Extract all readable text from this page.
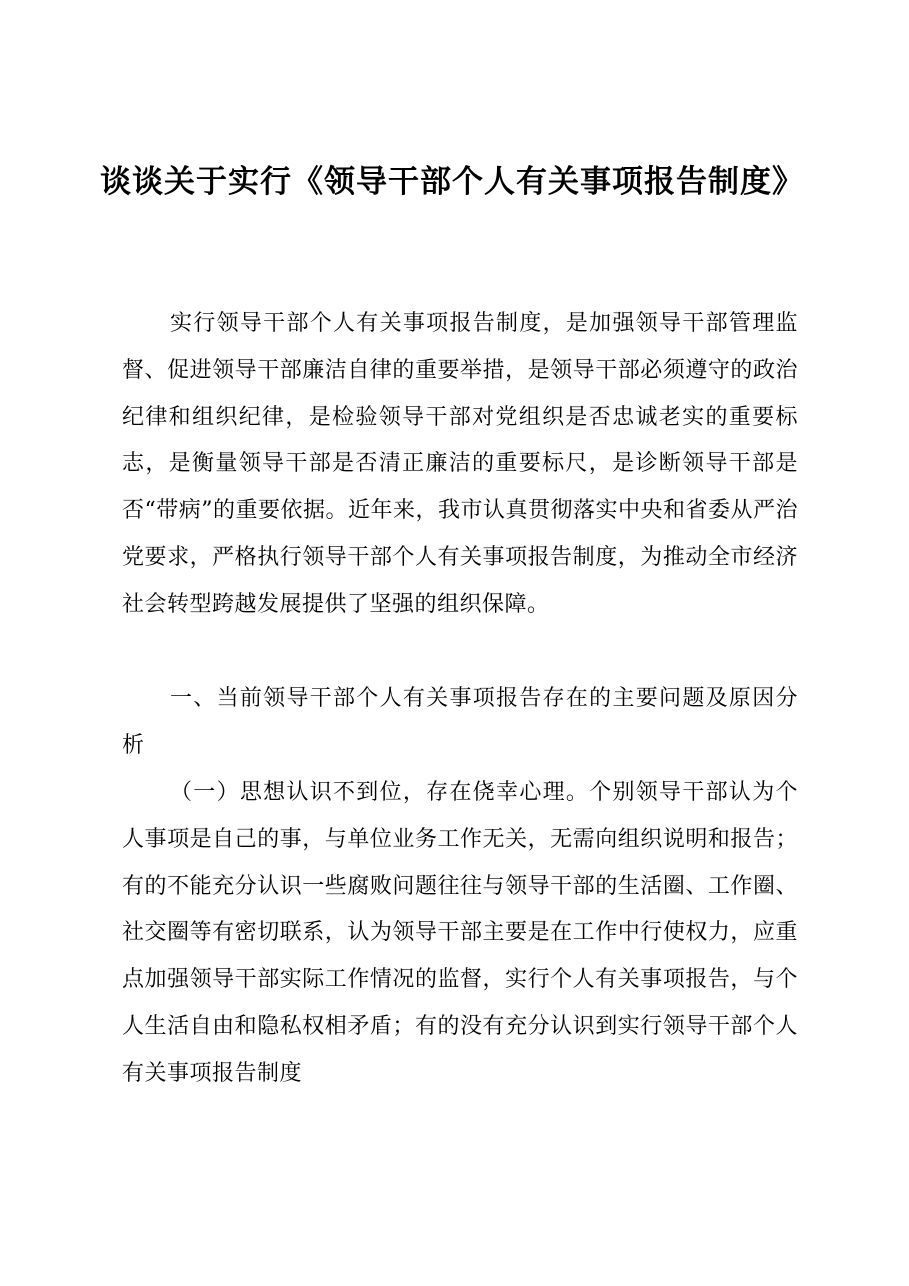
谈谈关于实行《领导干部个人有关事项报告制度》

实行领导干部个人有关事项报告制度，是加强领导干部管理监督、促进领导干部廉洁自律的重要举措，是领导干部必须遵守的政治纪律和组织纪律，是检验领导干部对党组织是否忠诚老实的重要标志，是衡量领导干部是否清正廉洁的重要标尺，是诊断领导干部是否“带病”的重要依据。近年来，我市认真贯彻落实中央和省委从严治党要求，严格执行领导干部个人有关事项报告制度，为推动全市经济社会转型跨越发展提供了坚强的组织保障。

一、当前领导干部个人有关事项报告存在的主要问题及原因分析

（一）思想认识不到位，存在侥幸心理。个别领导干部认为个人事项是自己的事，与单位业务工作无关，无需向组织说明和报告；有的不能充分认识一些腐败问题往往与领导干部的生活圈、工作圈、社交圈等有密切联系，认为领导干部主要是在工作中行使权力，应重点加强领导干部实际工作情况的监督，实行个人有关事项报告，与个人生活自由和隐私权相矛盾；有的没有充分认识到实行领导干部个人有关事项报告制度
